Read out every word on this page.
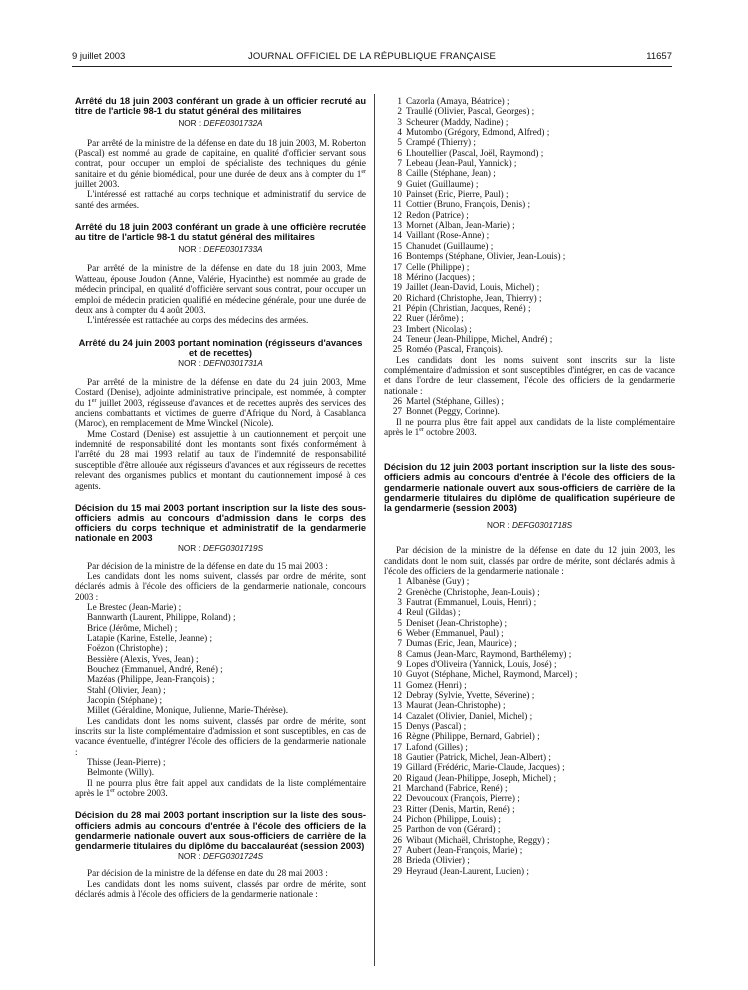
9 juillet 2003	JOURNAL OFFICIEL DE LA RÉPUBLIQUE FRANÇAISE	11657

Arrêté du 18 juin 2003 conférant un grade à un officier recruté au titre de l'article 98-1 du statut général des militaires

NOR : DEFE0301732A

Par arrêté de la ministre de la défense en date du 18 juin 2003, M. Roberton (Pascal) est nommé au grade de capitaine, en qualité d'officier servant sous contrat, pour occuper un emploi de spécialiste des techniques du génie sanitaire et du génie biomédical, pour une durée de deux ans à compter du 1er juillet 2003.

L'intéressé est rattaché au corps technique et administratif du service de santé des armées.

Arrêté du 18 juin 2003 conférant un grade à une officière recrutée au titre de l'article 98-1 du statut général des militaires

NOR : DEFE0301733A

Par arrêté de la ministre de la défense en date du 18 juin 2003, Mme Watteau, épouse Joudon (Anne, Valérie, Hyacinthe) est nommée au grade de médecin principal, en qualité d'officière servant sous contrat, pour occuper un emploi de médecin praticien qualifié en médecine générale, pour une durée de deux ans à compter du 4 août 2003.

L'intéressée est rattachée au corps des médecins des armées.

Arrêté du 24 juin 2003 portant nomination (régisseurs d'avances et de recettes)

NOR : DEFN0301731A

Par arrêté de la ministre de la défense en date du 24 juin 2003, Mme Costard (Denise), adjointe administrative principale, est nommée, à compter du 1er juillet 2003, régisseuse d'avances et de recettes auprès des services des anciens combattants et victimes de guerre d'Afrique du Nord, à Casablanca (Maroc), en remplacement de Mme Winckel (Nicole).

Mme Costard (Denise) est assujettie à un cautionnement et perçoit une indemnité de responsabilité dont les montants sont fixés conformément à l'arrêté du 28 mai 1993 relatif au taux de l'indemnité de responsabilité susceptible d'être allouée aux régisseurs d'avances et aux régisseurs de recettes relevant des organismes publics et montant du cautionnement imposé à ces agents.

Décision du 15 mai 2003 portant inscription sur la liste des sous-officiers admis au concours d'admission dans le corps des officiers du corps technique et administratif de la gendarmerie nationale en 2003

NOR : DEFG0301719S

Par décision de la ministre de la défense en date du 15 mai 2003 :

Les candidats dont les noms suivent, classés par ordre de mérite, sont déclarés admis à l'école des officiers de la gendarmerie nationale, concours 2003 :

Le Brestec (Jean-Marie) ;
Bannwarth (Laurent, Philippe, Roland) ;
Brice (Jérôme, Michel) ;
Latapie (Karine, Estelle, Jeanne) ;
Foëzon (Christophe) ;
Bessière (Alexis, Yves, Jean) ;
Bouchez (Emmanuel, André, René) ;
Mazéas (Philippe, Jean-François) ;
Stahl (Olivier, Jean) ;
Jacopin (Stéphane) ;
Millet (Géraldine, Monique, Julienne, Marie-Thérèse).

Les candidats dont les noms suivent, classés par ordre de mérite, sont inscrits sur la liste complémentaire d'admission et sont susceptibles, en cas de vacance éventuelle, d'intégrer l'école des officiers de la gendarmerie nationale :

Thisse (Jean-Pierre) ;
Belmonte (Willy).

Il ne pourra plus être fait appel aux candidats de la liste complémentaire après le 1er octobre 2003.

Décision du 28 mai 2003 portant inscription sur la liste des sous-officiers admis au concours d'entrée à l'école des officiers de la gendarmerie nationale ouvert aux sous-officiers de carrière de la gendarmerie titulaires du diplôme du baccalauréat (session 2003)

NOR : DEFG0301724S

Par décision de la ministre de la défense en date du 28 mai 2003 :

Les candidats dont les noms suivent, classés par ordre de mérite, sont déclarés admis à l'école des officiers de la gendarmerie nationale :

1 Cazorla (Amaya, Béatrice) ;
2 Traullé (Olivier, Pascal, Georges) ;
3 Scheurer (Maddy, Nadine) ;
4 Mutombo (Grégory, Edmond, Alfred) ;
5 Crampé (Thierry) ;
6 Lhoutellier (Pascal, Joël, Raymond) ;
7 Lebeau (Jean-Paul, Yannick) ;
8 Caille (Stéphane, Jean) ;
9 Guiet (Guillaume) ;
10 Painset (Eric, Pierre, Paul) ;
11 Cottier (Bruno, François, Denis) ;
12 Redon (Patrice) ;
13 Mornet (Alban, Jean-Marie) ;
14 Vaillant (Rose-Anne) ;
15 Chanudet (Guillaume) ;
16 Bontemps (Stéphane, Olivier, Jean-Louis) ;
17 Celle (Philippe) ;
18 Mérino (Jacques) ;
19 Jaillet (Jean-David, Louis, Michel) ;
20 Richard (Christophe, Jean, Thierry) ;
21 Pépin (Christian, Jacques, René) ;
22 Ruer (Jérôme) ;
23 Imbert (Nicolas) ;
24 Teneur (Jean-Philippe, Michel, André) ;
25 Roméo (Pascal, François).

Les candidats dont les noms suivent sont inscrits sur la liste complémentaire d'admission et sont susceptibles d'intégrer, en cas de vacance et dans l'ordre de leur classement, l'école des officiers de la gendarmerie nationale :

26 Martel (Stéphane, Gilles) ;
27 Bonnet (Peggy, Corinne).

Il ne pourra plus être fait appel aux candidats de la liste complémentaire après le 1er octobre 2003.

Décision du 12 juin 2003 portant inscription sur la liste des sous-officiers admis au concours d'entrée à l'école des officiers de la gendarmerie nationale ouvert aux sous-officiers de carrière de la gendarmerie titulaires du diplôme de qualification supérieure de la gendarmerie (session 2003)

NOR : DEFG0301718S

Par décision de la ministre de la défense en date du 12 juin 2003, les candidats dont le nom suit, classés par ordre de mérite, sont déclarés admis à l'école des officiers de la gendarmerie nationale :

1 Albanèse (Guy) ;
2 Grenèche (Christophe, Jean-Louis) ;
3 Fautrat (Emmanuel, Louis, Henri) ;
4 Reul (Gildas) ;
5 Deniset (Jean-Christophe) ;
6 Weber (Emmanuel, Paul) ;
7 Dumas (Eric, Jean, Maurice) ;
8 Camus (Jean-Marc, Raymond, Barthélemy) ;
9 Lopes d'Oliveira (Yannick, Louis, José) ;
10 Guyot (Stéphane, Michel, Raymond, Marcel) ;
11 Gomez (Henri) ;
12 Debray (Sylvie, Yvette, Séverine) ;
13 Maurat (Jean-Christophe) ;
14 Cazalet (Olivier, Daniel, Michel) ;
15 Denys (Pascal) ;
16 Règne (Philippe, Bernard, Gabriel) ;
17 Lafond (Gilles) ;
18 Gautier (Patrick, Michel, Jean-Albert) ;
19 Gillard (Frédéric, Marie-Claude, Jacques) ;
20 Rigaud (Jean-Philippe, Joseph, Michel) ;
21 Marchand (Fabrice, René) ;
22 Devoucoux (François, Pierre) ;
23 Ritter (Denis, Martin, René) ;
24 Pichon (Philippe, Louis) ;
25 Parthon de von (Gérard) ;
26 Wibaut (Michaël, Christophe, Reggy) ;
27 Aubert (Jean-François, Marie) ;
28 Brieda (Olivier) ;
29 Heyraud (Jean-Laurent, Lucien) ;
